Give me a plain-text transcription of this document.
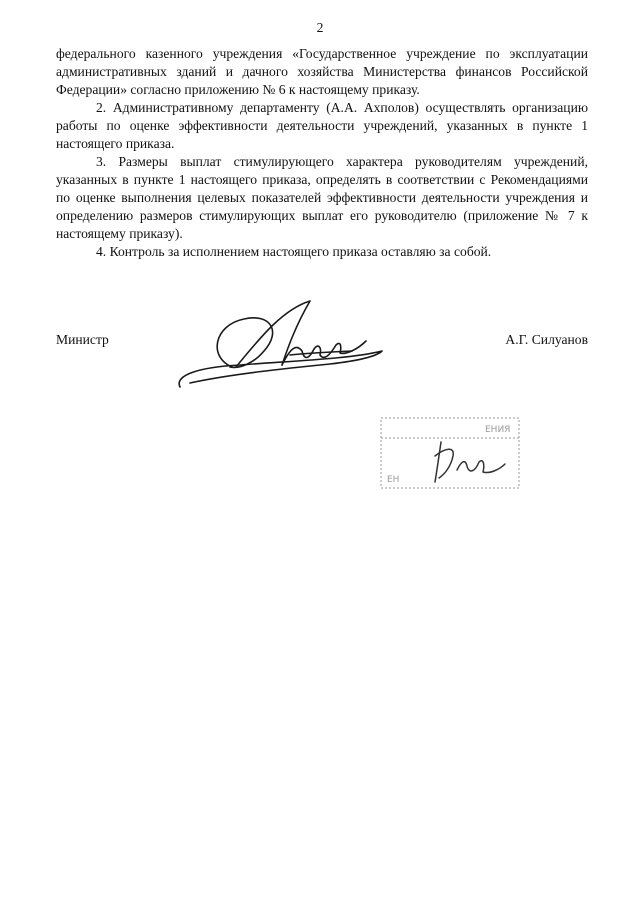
2

федерального казенного учреждения «Государственное учреждение по эксплуатации административных зданий и дачного хозяйства Министерства финансов Российской Федерации» согласно приложению № 6 к настоящему приказу.

2. Административному департаменту (А.А. Ахполов) осуществлять организацию работы по оценке эффективности деятельности учреждений, указанных в пункте 1 настоящего приказа.

3. Размеры выплат стимулирующего характера руководителям учреждений, указанных в пункте 1 настоящего приказа, определять в соответствии с Рекомендациями по оценке выполнения целевых показателей эффективности деятельности учреждения и определению размеров стимулирующих выплат его руководителю (приложение № 7 к настоящему приказу).

4. Контроль за исполнением настоящего приказа оставляю за собой.

Министр	А.Г. Силуанов
ЕНИЯ
ЕН
